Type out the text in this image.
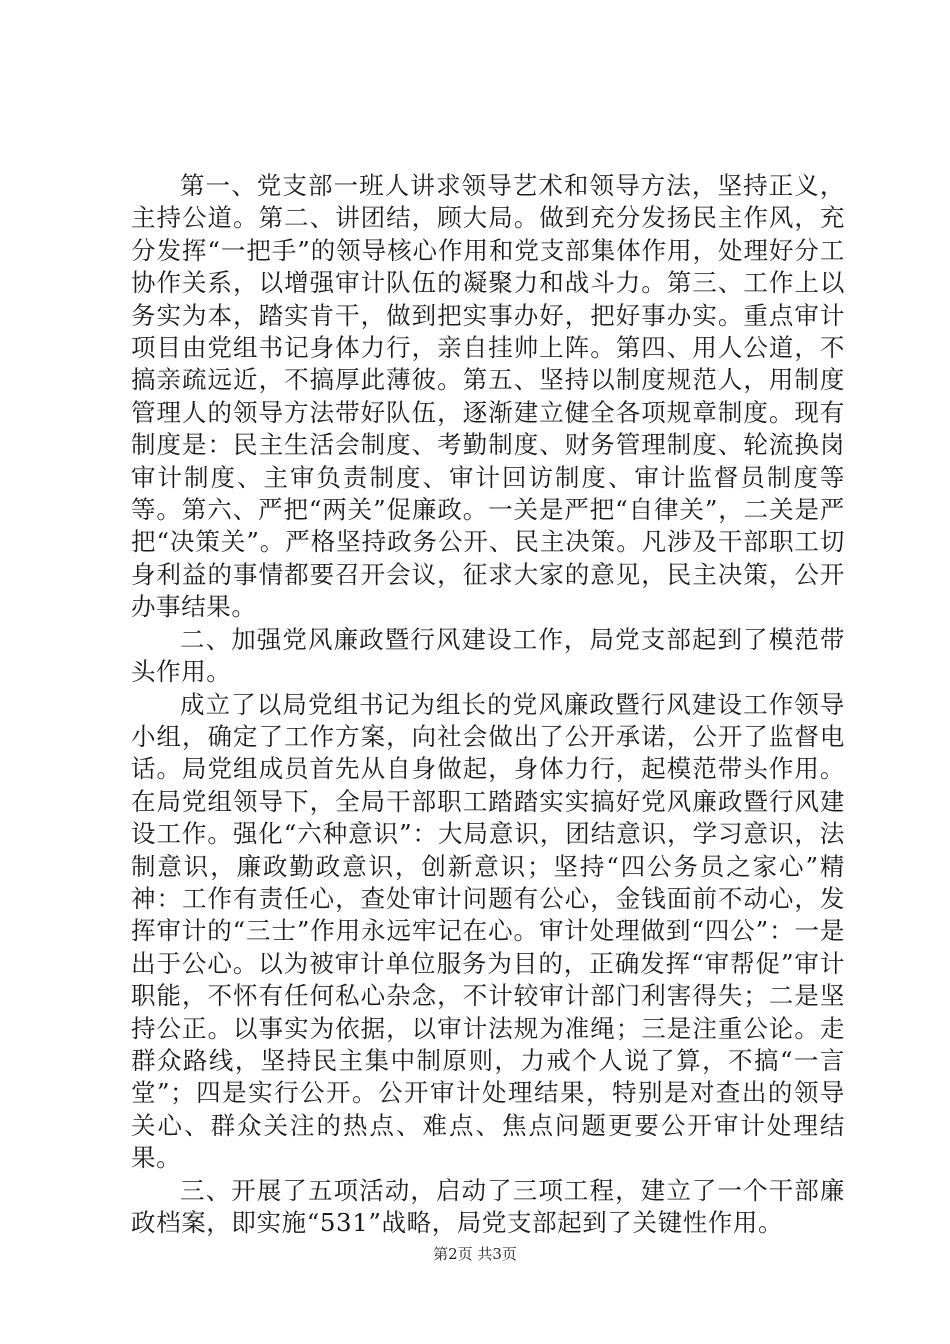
第一、党支部一班人讲求领导艺术和领导方法，坚持正义，主持公道。第二、讲团结，顾大局。做到充分发扬民主作风，充分发挥“一把手”的领导核心作用和党支部集体作用，处理好分工协作关系，以增强审计队伍的凝聚力和战斗力。第三、工作上以务实为本，踏实肯干，做到把实事办好，把好事办实。重点审计项目由党组书记身体力行，亲自挂帅上阵。第四、用人公道，不搞亲疏远近，不搞厚此薄彼。第五、坚持以制度规范人，用制度管理人的领导方法带好队伍，逐渐建立健全各项规章制度。现有制度是：民主生活会制度、考勤制度、财务管理制度、轮流换岗审计制度、主审负责制度、审计回访制度、审计监督员制度等等。第六、严把“两关”促廉政。一关是严把“自律关”，二关是严把“决策关”。严格坚持政务公开、民主决策。凡涉及干部职工切身利益的事情都要召开会议，征求大家的意见，民主决策，公开办事结果。

二、加强党风廉政暨行风建设工作，局党支部起到了模范带头作用。

成立了以局党组书记为组长的党风廉政暨行风建设工作领导小组，确定了工作方案，向社会做出了公开承诺，公开了监督电话。局党组成员首先从自身做起，身体力行，起模范带头作用。在局党组领导下，全局干部职工踏踏实实搞好党风廉政暨行风建设工作。强化“六种意识”：大局意识，团结意识，学习意识，法制意识，廉政勤政意识，创新意识；坚持“四公务员之家心”精神：工作有责任心，查处审计问题有公心，金钱面前不动心，发挥审计的“三士”作用永远牢记在心。审计处理做到“四公”：一是出于公心。以为被审计单位服务为目的，正确发挥“审帮促”审计职能，不怀有任何私心杂念，不计较审计部门利害得失；二是坚持公正。以事实为依据，以审计法规为准绳；三是注重公论。走群众路线，坚持民主集中制原则，力戒个人说了算，不搞“一言堂”；四是实行公开。公开审计处理结果，特别是对查出的领导关心、群众关注的热点、难点、焦点问题更要公开审计处理结果。

三、开展了五项活动，启动了三项工程，建立了一个干部廉政档案，即实施“531”战略，局党支部起到了关键性作用。

第2页 共3页
